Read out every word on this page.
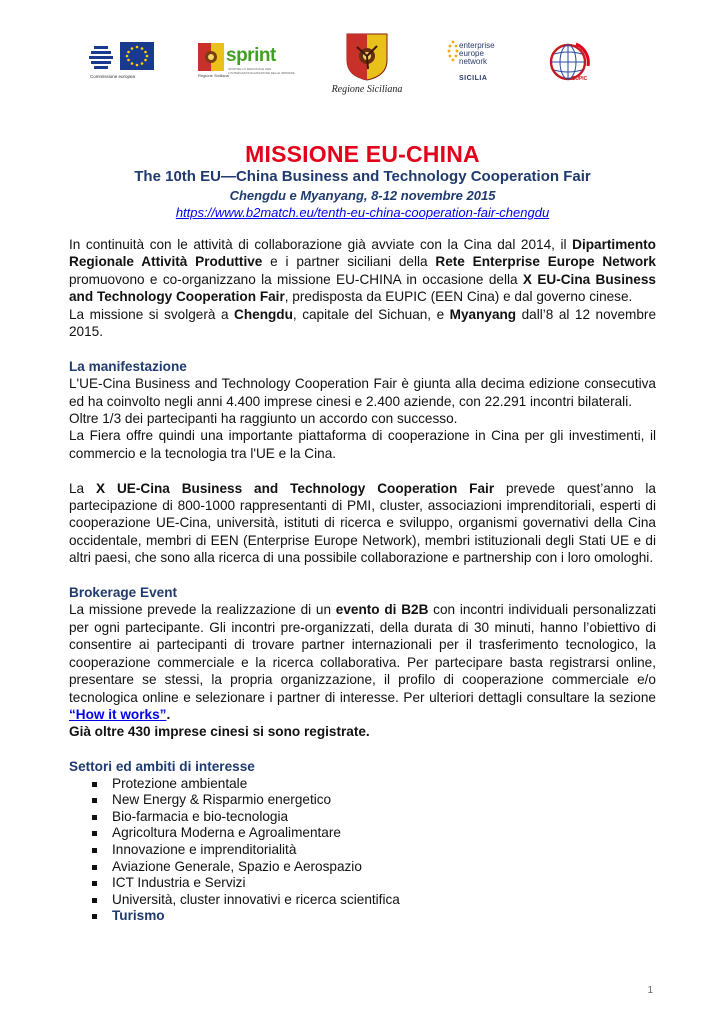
Commissione europea
sprint
SPORTELLO REGIONALE PER L'INTERNAZIONALIZZAZIONE DELLE IMPRESE
Regione Siciliana
Regione Siciliana
enterprise
europe
network
SICILIA	EUPIC
MISSIONE EU-CHINA
The 10th EU—China Business and Technology Cooperation Fair
Chengdu e Myanyang, 8-12 novembre 2015
https://www.b2match.eu/tenth-eu-china-cooperation-fair-chengdu

In continuità con le attività di collaborazione già avviate con la Cina dal 2014, il Dipartimento Regionale Attività Produttive e i partner siciliani della Rete Enterprise Europe Network promuovono e co-organizzano la missione EU-CHINA in occasione della X EU-Cina Business and Technology Cooperation Fair, predisposta da EUPIC (EEN Cina) e dal governo cinese.

La missione si svolgerà a Chengdu, capitale del Sichuan, e Myanyang dall’8 al 12 novembre 2015.

La manifestazione

L'UE-Cina Business and Technology Cooperation Fair è giunta alla decima edizione consecutiva ed ha coinvolto negli anni 4.400 imprese cinesi e 2.400 aziende, con 22.291 incontri bilaterali.

Oltre 1/3 dei partecipanti ha raggiunto un accordo con successo.

La Fiera offre quindi una importante piattaforma di cooperazione in Cina per gli investimenti, il commercio e la tecnologia tra l'UE e la Cina.

La X UE-Cina Business and Technology Cooperation Fair prevede quest’anno la partecipazione di 800-1000 rappresentanti di PMI, cluster, associazioni imprenditoriali, esperti di cooperazione UE-Cina, università, istituti di ricerca e sviluppo, organismi governativi della Cina occidentale, membri di EEN (Enterprise Europe Network), membri istituzionali degli Stati UE e di altri paesi, che sono alla ricerca di una possibile collaborazione e partnership con i loro omologhi.

Brokerage Event

La missione prevede la realizzazione di un evento di B2B con incontri individuali personalizzati per ogni partecipante. Gli incontri pre-organizzati, della durata di 30 minuti, hanno l’obiettivo di consentire ai partecipanti di trovare partner internazionali per il trasferimento tecnologico, la cooperazione commerciale e la ricerca collaborativa. Per partecipare basta registrarsi online, presentare se stessi, la propria organizzazione, il profilo di cooperazione commerciale e/o tecnologica online e selezionare i partner di interesse. Per ulteriori dettagli consultare la sezione “How it works”.

Già oltre 430 imprese cinesi si sono registrate.

Settori ed ambiti di interesse
Protezione ambientale
New Energy & Risparmio energetico
Bio-farmacia e bio-tecnologia
Agricoltura Moderna e Agroalimentare
Innovazione e imprenditorialità
Aviazione Generale, Spazio e Aerospazio
ICT Industria e Servizi
Università, cluster innovativi e ricerca scientifica
Turismo
1
